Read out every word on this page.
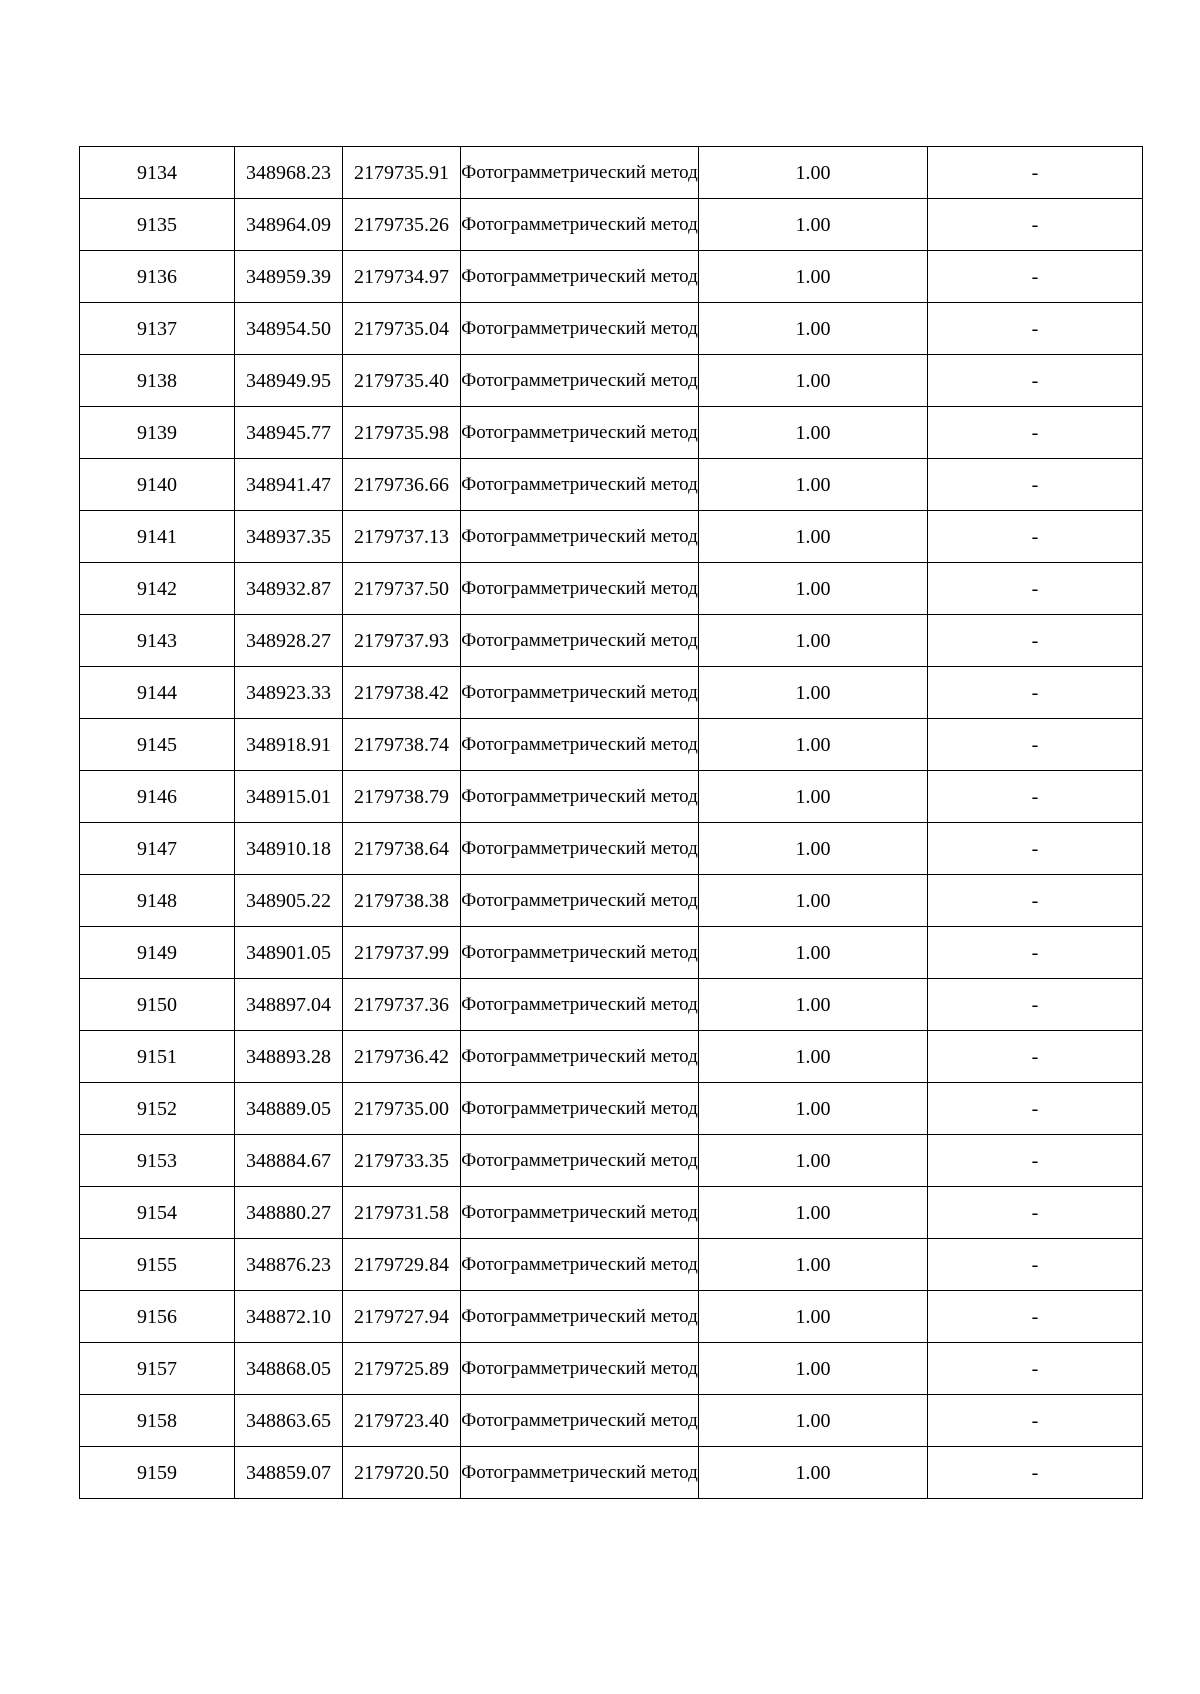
9134	348968.23	2179735.91	Фотограмметрический метод	1.00	-
9135	348964.09	2179735.26	Фотограмметрический метод	1.00	-
9136	348959.39	2179734.97	Фотограмметрический метод	1.00	-
9137	348954.50	2179735.04	Фотограмметрический метод	1.00	-
9138	348949.95	2179735.40	Фотограмметрический метод	1.00	-
9139	348945.77	2179735.98	Фотограмметрический метод	1.00	-
9140	348941.47	2179736.66	Фотограмметрический метод	1.00	-
9141	348937.35	2179737.13	Фотограмметрический метод	1.00	-
9142	348932.87	2179737.50	Фотограмметрический метод	1.00	-
9143	348928.27	2179737.93	Фотограмметрический метод	1.00	-
9144	348923.33	2179738.42	Фотограмметрический метод	1.00	-
9145	348918.91	2179738.74	Фотограмметрический метод	1.00	-
9146	348915.01	2179738.79	Фотограмметрический метод	1.00	-
9147	348910.18	2179738.64	Фотограмметрический метод	1.00	-
9148	348905.22	2179738.38	Фотограмметрический метод	1.00	-
9149	348901.05	2179737.99	Фотограмметрический метод	1.00	-
9150	348897.04	2179737.36	Фотограмметрический метод	1.00	-
9151	348893.28	2179736.42	Фотограмметрический метод	1.00	-
9152	348889.05	2179735.00	Фотограмметрический метод	1.00	-
9153	348884.67	2179733.35	Фотограмметрический метод	1.00	-
9154	348880.27	2179731.58	Фотограмметрический метод	1.00	-
9155	348876.23	2179729.84	Фотограмметрический метод	1.00	-
9156	348872.10	2179727.94	Фотограмметрический метод	1.00	-
9157	348868.05	2179725.89	Фотограмметрический метод	1.00	-
9158	348863.65	2179723.40	Фотограмметрический метод	1.00	-
9159	348859.07	2179720.50	Фотограмметрический метод	1.00	-
